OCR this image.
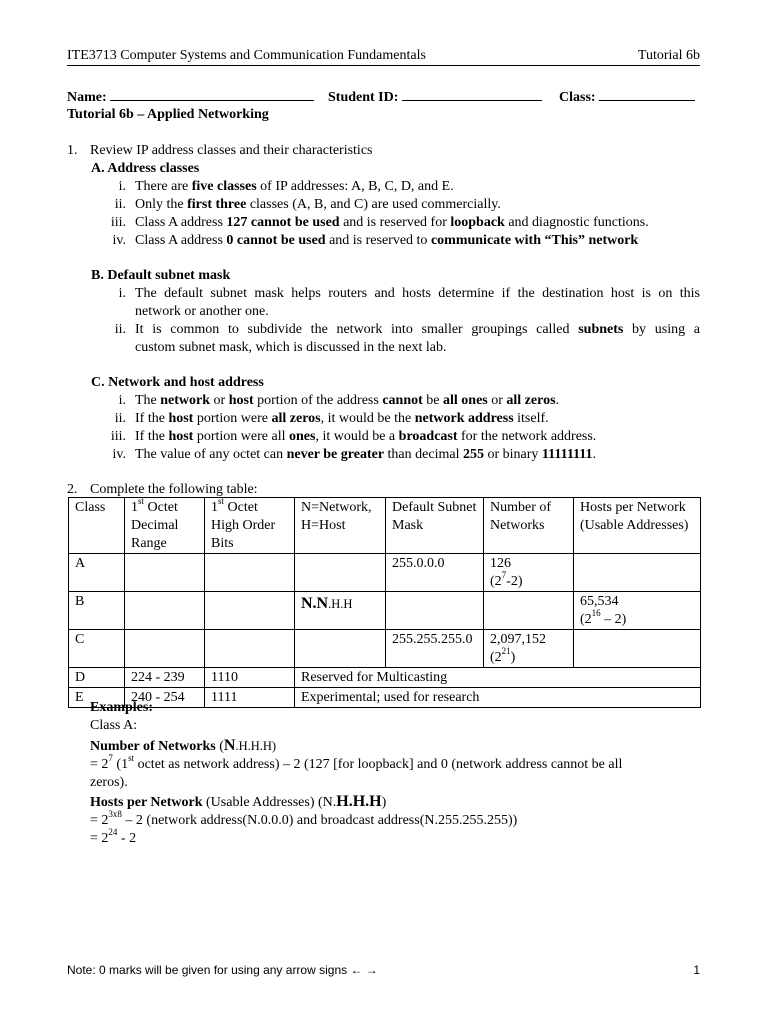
ITE3713 Computer Systems and Communication Fundamentals	Tutorial 6b
Name:	Student ID:	Class:
Tutorial 6b – Applied Networking
1. Review IP address classes and their characteristics
A. Address classes
i. There are five classes of IP addresses: A, B, C, D, and E.
ii. Only the first three classes (A, B, and C) are used commercially.
iii. Class A address 127 cannot be used and is reserved for loopback and diagnostic functions.
iv. Class A address 0 cannot be used and is reserved to communicate with “This” network
B. Default subnet mask
i. The default subnet mask helps routers and hosts determine if the destination host is on this
network or another one.
ii. It is common to subdivide the network into smaller groupings called subnets by using a
custom subnet mask, which is discussed in the next lab.
C. Network and host address
i. The network or host portion of the address cannot be all ones or all zeros.
ii. If the host portion were all zeros, it would be the network address itself.
iii. If the host portion were all ones, it would be a broadcast for the network address.
iv. The value of any octet can never be greater than decimal 255 or binary 11111111.
2. Complete the following table:
Class	1st Octet Decimal Range	1st Octet High Order Bits	N=Network, H=Host	Default Subnet Mask	Number of Networks	Hosts per Network (Usable Addresses)
A				255.0.0.0	126
$(2^7-2)$	
B			N.N.H.H			65,534
$(2^{16} - 2)$
C				255.255.255.0	2,097,152
$(2^{21})$	
D	224 - 239	1110	Reserved for Multicasting			
E	240 - 254	1111	Experimental; used for research			
Examples:
Class A:
Number of Networks (N.H.H.H)
= $2^7$ (1st octet as network address) – 2 (127 [for loopback] and 0 (network address cannot be all
zeros).
Hosts per Network (Usable Addresses) (N.H.H.H)
= $2^{3x8} - 2$ (network address(N.0.0.0) and broadcast address(N.255.255.255))
= $2^{24} - 2$
Note: 0 marks will be given for using any arrow signs ← →	1
